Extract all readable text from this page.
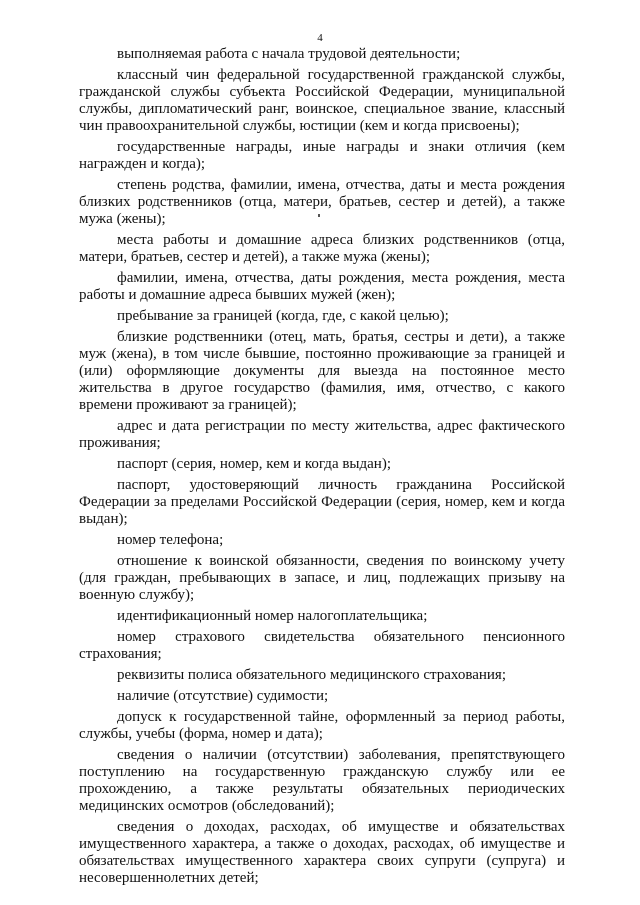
4

выполняемая работа с начала трудовой деятельности;

классный чин федеральной государственной гражданской службы, гражданской службы субъекта Российской Федерации, муниципальной службы, дипломатический ранг, воинское, специальное звание, классный чин правоохранительной службы, юстиции (кем и когда присвоены);

государственные награды, иные награды и знаки отличия (кем награжден и когда);

степень родства, фамилии, имена, отчества, даты и места рождения близких родственников (отца, матери, братьев, сестер и детей), а также мужа (жены);

места работы и домашние адреса близких родственников (отца, матери, братьев, сестер и детей), а также мужа (жены);

фамилии, имена, отчества, даты рождения, места рождения, места работы и домашние адреса бывших мужей (жен);

пребывание за границей (когда, где, с какой целью);

близкие родственники (отец, мать, братья, сестры и дети), а также муж (жена), в том числе бывшие, постоянно проживающие за границей и (или) оформляющие документы для выезда на постоянное место жительства в другое государство (фамилия, имя, отчество, с какого времени проживают за границей);

адрес и дата регистрации по месту жительства, адрес фактического проживания;

паспорт (серия, номер, кем и когда выдан);

паспорт, удостоверяющий личность гражданина Российской Федерации за пределами Российской Федерации (серия, номер, кем и когда выдан);

номер телефона;

отношение к воинской обязанности, сведения по воинскому учету (для граждан, пребывающих в запасе, и лиц, подлежащих призыву на военную службу);

идентификационный номер налогоплательщика;

номер страхового свидетельства обязательного пенсионного страхования;

реквизиты полиса обязательного медицинского страхования;

наличие (отсутствие) судимости;

допуск к государственной тайне, оформленный за период работы, службы, учебы (форма, номер и дата);

сведения о наличии (отсутствии) заболевания, препятствующего поступлению на государственную гражданскую службу или ее прохождению, а также результаты обязательных периодических медицинских осмотров (обследований);

сведения о доходах, расходах, об имуществе и обязательствах имущественного характера, а также о доходах, расходах, об имуществе и обязательствах имущественного характера своих супруги (супруга) и несовершеннолетних детей;
